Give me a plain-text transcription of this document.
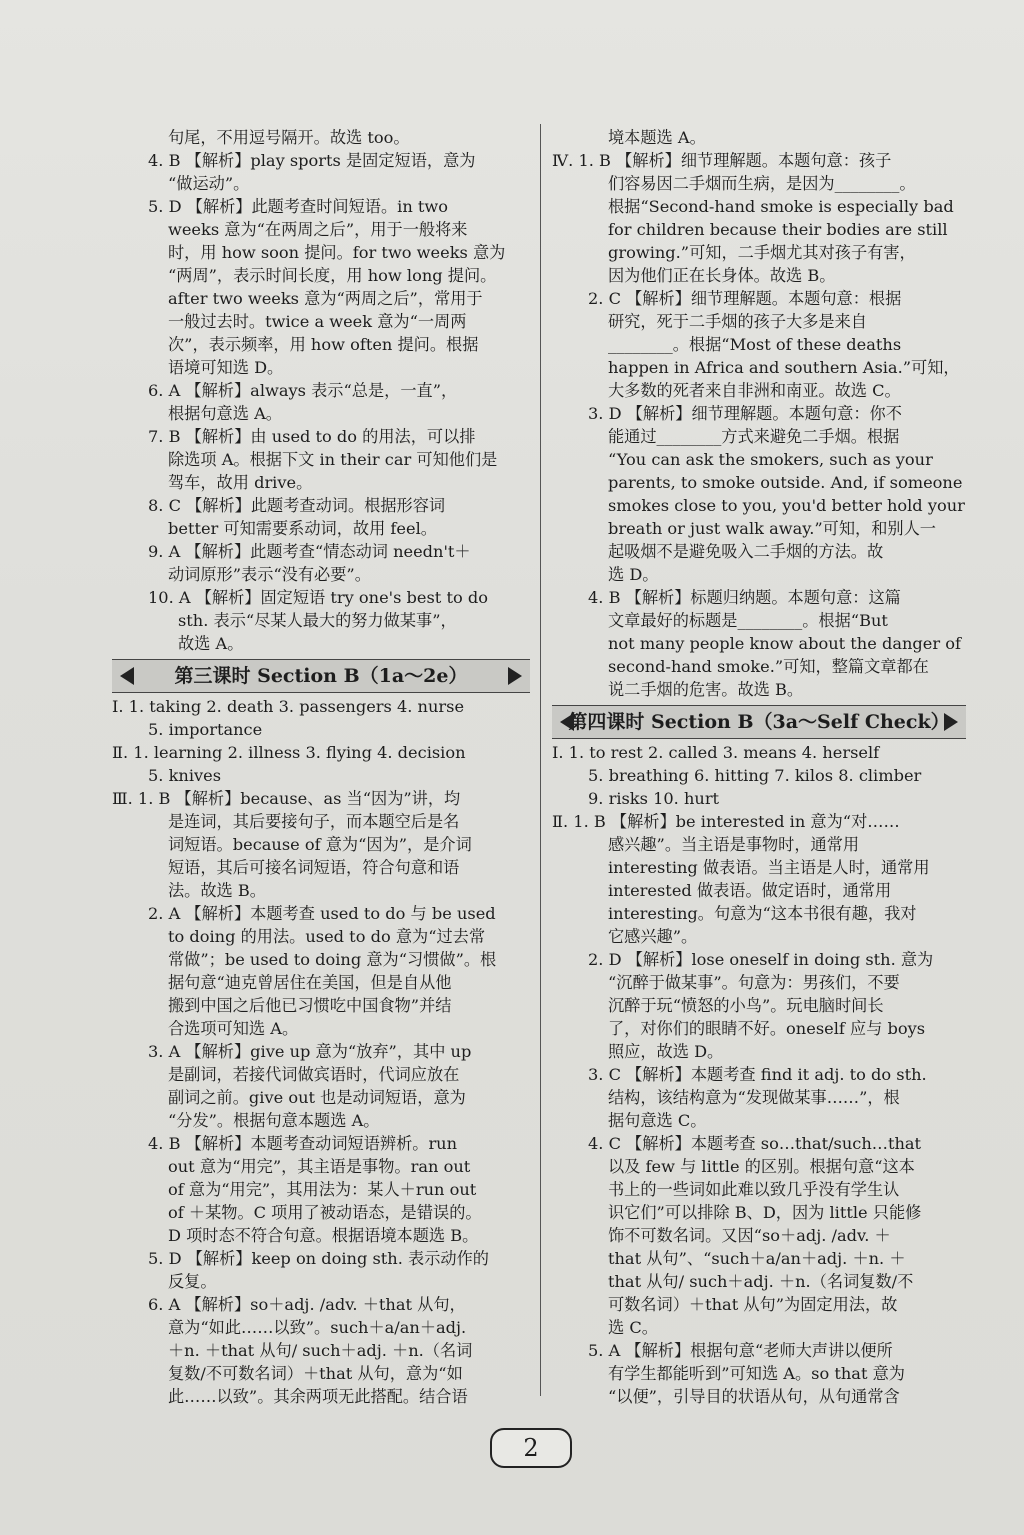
句尾，不用逗号隔开。故选 too。
4. B 【解析】play sports 是固定短语，意为
“做运动”。
5. D 【解析】此题考查时间短语。in two
weeks 意为“在两周之后”，用于一般将来
时，用 how soon 提问。for two weeks 意为
“两周”，表示时间长度，用 how long 提问。
after two weeks 意为“两周之后”，常用于
一般过去时。twice a week 意为“一周两
次”，表示频率，用 how often 提问。根据
语境可知选 D。
6. A 【解析】always 表示“总是，一直”，
根据句意选 A。
7. B 【解析】由 used to do 的用法，可以排
除选项 A。根据下文 in their car 可知他们是
驾车，故用 drive。
8. C 【解析】此题考查动词。根据形容词
better 可知需要系动词，故用 feel。
9. A 【解析】此题考查“情态动词 needn't＋
动词原形”表示“没有必要”。
10. A 【解析】固定短语 try one's best to do
sth. 表示“尽某人最大的努力做某事”，
故选 A。
第三课时 Section B（1a～2e）
Ⅰ. 1. taking 2. death 3. passengers 4. nurse
5. importance
Ⅱ. 1. learning 2. illness 3. flying 4. decision
5. knives
Ⅲ. 1. B 【解析】because、as 当“因为”讲，均
是连词，其后要接句子，而本题空后是名
词短语。because of 意为“因为”，是介词
短语，其后可接名词短语，符合句意和语
法。故选 B。
2. A 【解析】本题考查 used to do 与 be used
to doing 的用法。used to do 意为“过去常
常做”；be used to doing 意为“习惯做”。根
据句意“迪克曾居住在美国，但是自从他
搬到中国之后他已习惯吃中国食物”并结
合选项可知选 A。
3. A 【解析】give up 意为“放弃”，其中 up
是副词，若接代词做宾语时，代词应放在
副词之前。give out 也是动词短语，意为
“分发”。根据句意本题选 A。
4. B 【解析】本题考查动词短语辨析。run
out 意为“用完”，其主语是事物。ran out
of 意为“用完”，其用法为：某人＋run out
of ＋某物。C 项用了被动语态，是错误的。
D 项时态不符合句意。根据语境本题选 B。
5. D 【解析】keep on doing sth. 表示动作的
反复。
6. A 【解析】so＋adj. /adv. ＋that 从句，
意为“如此……以致”。such＋a/an＋adj.
＋n. ＋that 从句/ such＋adj. ＋n.（名词
复数/不可数名词）＋that 从句，意为“如
此……以致”。其余两项无此搭配。结合语
境本题选 A。
Ⅳ. 1. B 【解析】细节理解题。本题句意：孩子
们容易因二手烟而生病，是因为________。
根据“Second-hand smoke is especially bad
for children because their bodies are still
growing.”可知，二手烟尤其对孩子有害，
因为他们正在长身体。故选 B。
2. C 【解析】细节理解题。本题句意：根据
研究，死于二手烟的孩子大多是来自
________。根据“Most of these deaths
happen in Africa and southern Asia.”可知，
大多数的死者来自非洲和南亚。故选 C。
3. D 【解析】细节理解题。本题句意：你不
能通过________方式来避免二手烟。根据
“You can ask the smokers, such as your
parents, to smoke outside. And, if someone
smokes close to you, you'd better hold your
breath or just walk away.”可知，和别人一
起吸烟不是避免吸入二手烟的方法。故
选 D。
4. B 【解析】标题归纳题。本题句意：这篇
文章最好的标题是________。根据“But
not many people know about the danger of
second-hand smoke.”可知，整篇文章都在
说二手烟的危害。故选 B。
第四课时 Section B（3a～Self Check）
Ⅰ. 1. to rest 2. called 3. means 4. herself
5. breathing 6. hitting 7. kilos 8. climber
9. risks 10. hurt
Ⅱ. 1. B 【解析】be interested in 意为“对……
感兴趣”。当主语是事物时，通常用
interesting 做表语。当主语是人时，通常用
interested 做表语。做定语时，通常用
interesting。句意为“这本书很有趣，我对
它感兴趣”。
2. D 【解析】lose oneself in doing sth. 意为
“沉醉于做某事”。句意为：男孩们，不要
沉醉于玩“愤怒的小鸟”。玩电脑时间长
了，对你们的眼睛不好。oneself 应与 boys
照应，故选 D。
3. C 【解析】本题考查 find it adj. to do sth.
结构，该结构意为“发现做某事……”，根
据句意选 C。
4. C 【解析】本题考查 so…that/such…that
以及 few 与 little 的区别。根据句意“这本
书上的一些词如此难以致几乎没有学生认
识它们”可以排除 B、D，因为 little 只能修
饰不可数名词。又因“so＋adj. /adv. ＋
that 从句”、“such＋a/an＋adj. ＋n. ＋
that 从句/ such＋adj. ＋n.（名词复数/不
可数名词）＋that 从句”为固定用法，故
选 C。
5. A 【解析】根据句意“老师大声讲以便所
有学生都能听到”可知选 A。so that 意为
“以便”，引导目的状语从句，从句通常含
2
